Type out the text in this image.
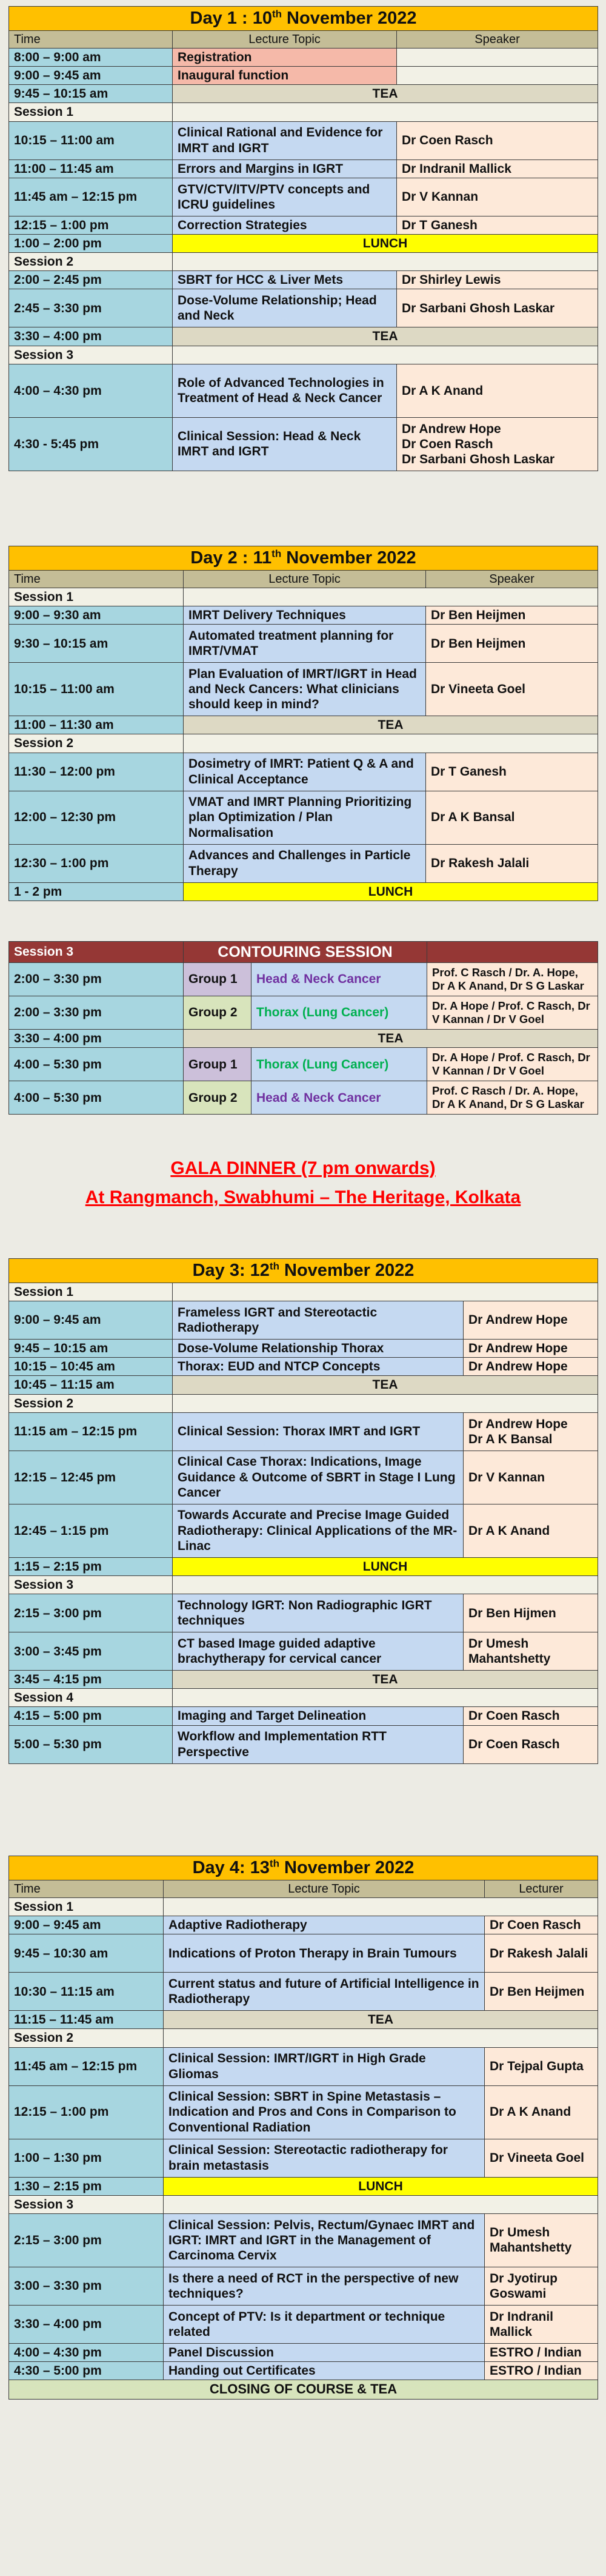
Day 1 : 10th November 2022		
Time	Lecture Topic	Speaker
8:00 – 9:00 am	Registration	
9:00 – 9:45 am	Inaugural function	
9:45 – 10:15 am	TEA	
Session 1		
10:15 – 11:00 am	Clinical Rational and Evidence for IMRT and IGRT	Dr Coen Rasch
11:00 – 11:45 am	Errors and Margins in IGRT	Dr Indranil Mallick
11:45 am – 12:15 pm	GTV/CTV/ITV/PTV concepts and ICRU guidelines	Dr V Kannan
12:15 – 1:00 pm	Correction Strategies	Dr T Ganesh
1:00 – 2:00 pm	LUNCH	
Session 2		
2:00 – 2:45 pm	SBRT for HCC & Liver Mets	Dr Shirley Lewis
2:45 – 3:30 pm	Dose-Volume Relationship; Head and Neck	Dr Sarbani Ghosh Laskar
3:30 – 4:00 pm	TEA	
Session 3		
4:00 – 4:30 pm	Role of Advanced Technologies in Treatment of Head & Neck Cancer	Dr A K Anand
4:30 - 5:45 pm	Clinical Session: Head & Neck IMRT and IGRT	Dr Andrew Hope
Dr Coen Rasch
Dr Sarbani Ghosh Laskar
Day 2 : 11th November 2022		
Time	Lecture Topic	Speaker
Session 1		
9:00 – 9:30 am	IMRT Delivery Techniques	Dr Ben Heijmen
9:30 – 10:15 am	Automated treatment planning for IMRT/VMAT	Dr Ben Heijmen
10:15 – 11:00 am	Plan Evaluation of IMRT/IGRT in Head and Neck Cancers: What clinicians should keep in mind?	Dr Vineeta Goel
11:00 – 11:30 am	TEA	
Session 2		
11:30 – 12:00 pm	Dosimetry of IMRT: Patient Q & A and Clinical Acceptance	Dr T Ganesh
12:00 – 12:30 pm	VMAT and IMRT Planning Prioritizing plan Optimization / Plan Normalisation	Dr A K Bansal
12:30 – 1:00 pm	Advances and Challenges in Particle Therapy	Dr Rakesh Jalali
1 - 2 pm	LUNCH	
Session 3	CONTOURING SESSION		
2:00 – 3:30 pm	Group 1	Head & Neck Cancer	Prof. C Rasch / Dr. A. Hope, Dr A K Anand, Dr S G Laskar
2:00 – 3:30 pm	Group 2	Thorax (Lung Cancer)	Dr. A Hope / Prof. C Rasch, Dr V Kannan / Dr V Goel
3:30 – 4:00 pm	TEA		
4:00 – 5:30 pm	Group 1	Thorax (Lung Cancer)	Dr. A Hope / Prof. C Rasch, Dr V Kannan / Dr V Goel
4:00 – 5:30 pm	Group 2	Head & Neck Cancer	Prof. C Rasch / Dr. A. Hope, Dr A K Anand, Dr S G Laskar
GALA DINNER (7 pm onwards)
At Rangmanch, Swabhumi – The Heritage, Kolkata
Day 3: 12th November 2022		
Session 1		
9:00 – 9:45 am	Frameless IGRT and Stereotactic Radiotherapy	Dr Andrew Hope
9:45 – 10:15 am	Dose-Volume Relationship Thorax	Dr Andrew Hope
10:15 – 10:45 am	Thorax: EUD and NTCP Concepts	Dr Andrew Hope
10:45 – 11:15 am	TEA	
Session 2		
11:15 am – 12:15 pm	Clinical Session: Thorax IMRT and IGRT	Dr Andrew Hope
Dr A K Bansal
12:15 – 12:45 pm	Clinical Case Thorax: Indications, Image Guidance & Outcome of SBRT in Stage I Lung Cancer	Dr V Kannan
12:45 – 1:15 pm	Towards Accurate and Precise Image Guided Radiotherapy: Clinical Applications of the MR-Linac	Dr A K Anand
1:15 – 2:15 pm	LUNCH	
Session 3		
2:15 – 3:00 pm	Technology IGRT: Non Radiographic IGRT techniques	Dr Ben Hijmen
3:00 – 3:45 pm	CT based Image guided adaptive brachytherapy for cervical cancer	Dr Umesh Mahantshetty
3:45 – 4:15 pm	TEA	
Session 4		
4:15 – 5:00 pm	Imaging and Target Delineation	Dr Coen Rasch
5:00 – 5:30 pm	Workflow and Implementation RTT Perspective	Dr Coen Rasch
Day 4: 13th November 2022		
Time	Lecture Topic	Lecturer
Session 1		
9:00 – 9:45 am	Adaptive Radiotherapy	Dr Coen Rasch
9:45 – 10:30 am	Indications of Proton Therapy in Brain Tumours	Dr Rakesh Jalali
10:30 – 11:15 am	Current status and future of Artificial Intelligence in Radiotherapy	Dr Ben Heijmen
11:15 – 11:45 am	TEA	
Session 2		
11:45 am – 12:15 pm	Clinical Session: IMRT/IGRT in High Grade Gliomas	Dr Tejpal Gupta
12:15 – 1:00 pm	Clinical Session: SBRT in Spine Metastasis – Indication and Pros and Cons in Comparison to Conventional Radiation	Dr A K Anand
1:00 – 1:30 pm	Clinical Session: Stereotactic radiotherapy for brain metastasis	Dr Vineeta Goel
1:30 – 2:15 pm	LUNCH	
Session 3		
2:15 – 3:00 pm	Clinical Session: Pelvis, Rectum/Gynaec IMRT and IGRT: IMRT and IGRT in the Management of Carcinoma Cervix	Dr Umesh Mahantshetty
3:00 – 3:30 pm	Is there a need of RCT in the perspective of new techniques?	Dr Jyotirup Goswami
3:30 – 4:00 pm	Concept of PTV: Is it department or technique related	Dr Indranil Mallick
4:00 – 4:30 pm	Panel Discussion	ESTRO / Indian
4:30 – 5:00 pm	Handing out Certificates	ESTRO / Indian
CLOSING OF COURSE & TEA		
